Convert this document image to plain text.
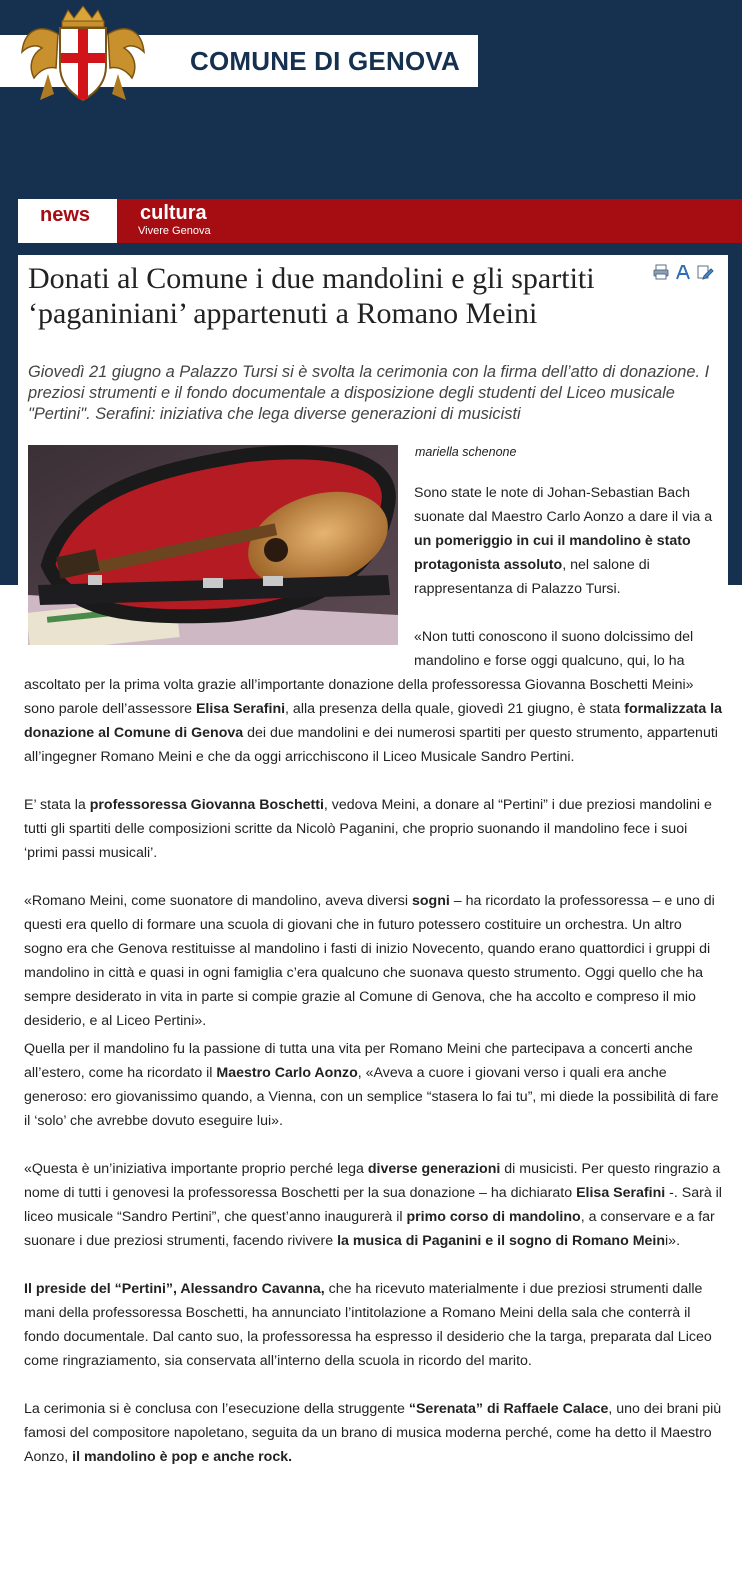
COMUNE DI GENOVA
news cultura
Vivere Genova
Donati al Comune i due mandolini e gli spartiti ‘paganiniani’ appartenuti a Romano Meini

Giovedì 21 giugno a Palazzo Tursi si è svolta la cerimonia con la firma dell’atto di donazione. I preziosi strumenti e il fondo documentale a disposizione degli studenti del Liceo musicale "Pertini". Serafini: iniziativa che lega diverse generazioni di musicisti

mariella schenone

Sono state le note di Johan-Sebastian Bach suonate dal Maestro Carlo Aonzo a dare il via a un pomeriggio in cui il mandolino è stato protagonista assoluto, nel salone di rappresentanza di Palazzo Tursi.

«Non tutti conoscono il suono dolcissimo del mandolino e forse oggi qualcuno, qui, lo ha ascoltato per la prima volta grazie all’importante donazione della professoressa Giovanna Boschetti Meini» sono parole dell’assessore Elisa Serafini, alla presenza della quale, giovedì 21 giugno, è stata formalizzata la donazione al Comune di Genova dei due mandolini e dei numerosi spartiti per questo strumento, appartenuti all’ingegner Romano Meini e che da oggi arricchiscono il Liceo Musicale Sandro Pertini.

E’ stata la professoressa Giovanna Boschetti, vedova Meini, a donare al “Pertini” i due preziosi mandolini e tutti gli spartiti delle composizioni scritte da Nicolò Paganini, che proprio suonando il mandolino fece i suoi ‘primi passi musicali’.

«Romano Meini, come suonatore di mandolino, aveva diversi sogni – ha ricordato la professoressa – e uno di questi era quello di formare una scuola di giovani che in futuro potessero costituire un orchestra. Un altro sogno era che Genova restituisse al mandolino i fasti di inizio Novecento, quando erano quattordici i gruppi di mandolino in città e quasi in ogni famiglia c’era qualcuno che suonava questo strumento. Oggi quello che ha sempre desiderato in vita in parte si compie grazie al Comune di Genova, che ha accolto e compreso il mio desiderio, e al Liceo Pertini».

Quella per il mandolino fu la passione di tutta una vita per Romano Meini che partecipava a concerti anche all’estero, come ha ricordato il Maestro Carlo Aonzo, «Aveva a cuore i giovani verso i quali era anche generoso: ero giovanissimo quando, a Vienna, con un semplice “stasera lo fai tu”, mi diede la possibilità di fare il ‘solo’ che avrebbe dovuto eseguire lui».

«Questa è un’iniziativa importante proprio perché lega diverse generazioni di musicisti. Per questo ringrazio a nome di tutti i genovesi la professoressa Boschetti per la sua donazione – ha dichiarato Elisa Serafini -. Sarà il liceo musicale “Sandro Pertini”, che quest’anno inaugurerà il primo corso di mandolino, a conservare e a far suonare i due preziosi strumenti, facendo rivivere la musica di Paganini e il sogno di Romano Meini».

Il preside del “Pertini”, Alessandro Cavanna, che ha ricevuto materialmente i due preziosi strumenti dalle mani della professoressa Boschetti, ha annunciato l’intitolazione a Romano Meini della sala che conterrà il fondo documentale. Dal canto suo, la professoressa ha espresso il desiderio che la targa, preparata dal Liceo come ringraziamento, sia conservata all’interno della scuola in ricordo del marito.

La cerimonia si è conclusa con l’esecuzione della struggente “Serenata” di Raffaele Calace, uno dei brani più famosi del compositore napoletano, seguita da un brano di musica moderna perché, come ha detto il Maestro Aonzo, il mandolino è pop e anche rock.
